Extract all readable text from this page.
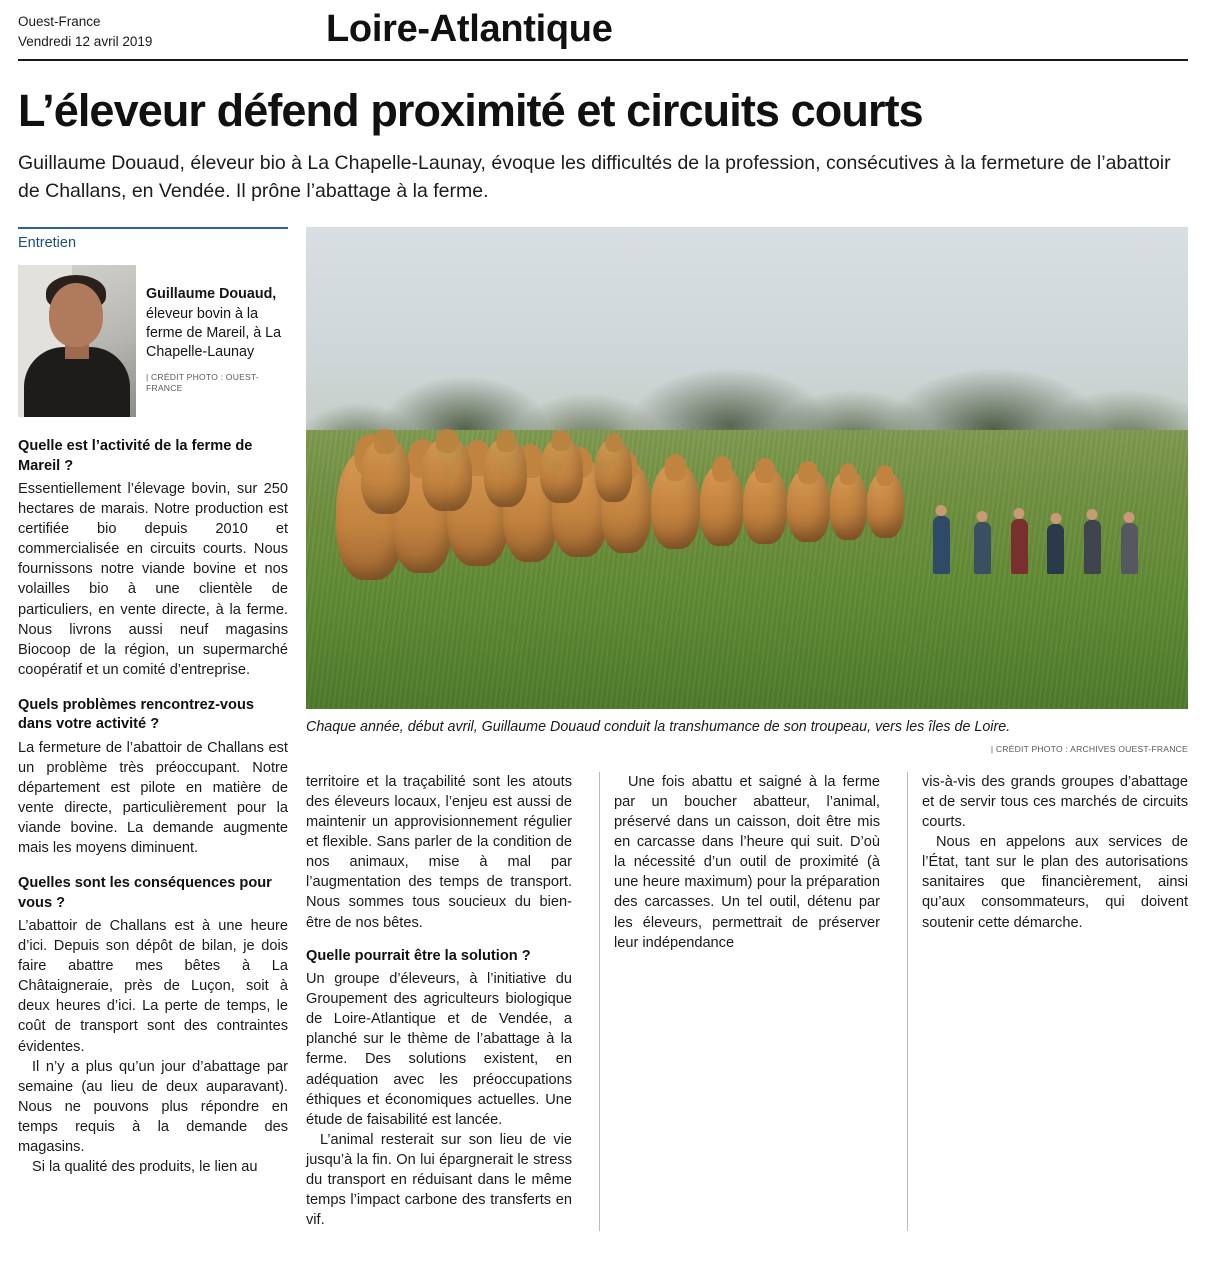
Ouest-France
Vendredi 12 avril 2019	Loire-Atlantique
L’éleveur défend proximité et circuits courts
Guillaume Douaud, éleveur bio à La Chapelle-Launay, évoque les difficultés de la profession, consécutives à la fermeture de l’abattoir de Challans, en Vendée. Il prône l’abattage à la ferme.
Entretien
Guillaume Douaud, éleveur bovin à la ferme de Mareil, à La Chapelle-Launay
| CRÉDIT PHOTO : OUEST-FRANCE
Quelle est l’activité de la ferme de Mareil ?
Essentiellement l’élevage bovin, sur 250 hectares de marais. Notre production est certifiée bio depuis 2010 et commercialisée en circuits courts. Nous fournissons notre viande bovine et nos volailles bio à une clientèle de particuliers, en vente directe, à la ferme. Nous livrons aussi neuf magasins Biocoop de la région, un supermarché coopératif et un comité d’entreprise.
Quels problèmes rencontrez-vous dans votre activité ?
La fermeture de l’abattoir de Challans est un problème très préoccupant. Notre département est pilote en matière de vente directe, particulièrement pour la viande bovine. La demande augmente mais les moyens diminuent.
Quelles sont les conséquences pour vous ?
L’abattoir de Challans est à une heure d’ici. Depuis son dépôt de bilan, je dois faire abattre mes bêtes à La Châtaigneraie, près de Luçon, soit à deux heures d’ici. La perte de temps, le coût de transport sont des contraintes évidentes.
Il n’y a plus qu’un jour d’abattage par semaine (au lieu de deux auparavant). Nous ne pouvons plus répondre en temps requis à la demande des magasins.
Si la qualité des produits, le lien au
Chaque année, début avril, Guillaume Douaud conduit la transhumance de son troupeau, vers les îles de Loire.
| CRÉDIT PHOTO : ARCHIVES OUEST-FRANCE
territoire et la traçabilité sont les atouts des éleveurs locaux, l’enjeu est aussi de maintenir un approvisionnement régulier et flexible. Sans parler de la condition de nos animaux, mise à mal par l’augmentation des temps de transport. Nous sommes tous soucieux du bien-être de nos bêtes.
Quelle pourrait être la solution ?
Un groupe d’éleveurs, à l’initiative du Groupement des agriculteurs biologique de Loire-Atlantique et de Vendée, a planché sur le thème de l’abattage à la ferme. Des solutions existent, en adéquation avec les préoccupations éthiques et économiques actuelles. Une étude de faisabilité est lancée.
L’animal resterait sur son lieu de vie jusqu’à la fin. On lui épargnerait le stress du transport en réduisant dans le même temps l’impact carbone des transferts en vif.
Une fois abattu et saigné à la ferme par un boucher abatteur, l’animal, préservé dans un caisson, doit être mis en carcasse dans l’heure qui suit. D’où la nécessité d’un outil de proximité (à une heure maximum) pour la préparation des carcasses. Un tel outil, détenu par les éleveurs, permettrait de préserver leur indépendance
vis-à-vis des grands groupes d’abattage et de servir tous ces marchés de circuits courts.
Nous en appelons aux services de l’État, tant sur le plan des autorisations sanitaires que financièrement, ainsi qu’aux consommateurs, qui doivent soutenir cette démarche.
